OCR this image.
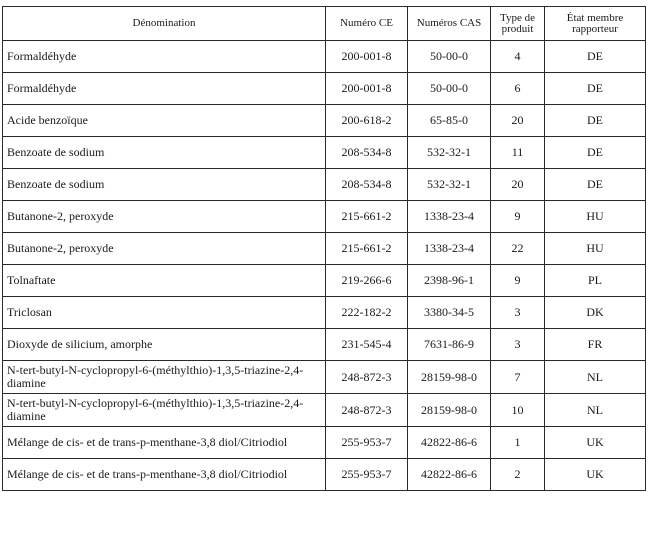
Dénomination	Numéro CE	Numéros CAS	Type de produit	État membre rapporteur
Formaldéhyde	200-001-8	50-00-0	4	DE
Formaldéhyde	200-001-8	50-00-0	6	DE
Acide benzoïque	200-618-2	65-85-0	20	DE
Benzoate de sodium	208-534-8	532-32-1	11	DE
Benzoate de sodium	208-534-8	532-32-1	20	DE
Butanone-2, peroxyde	215-661-2	1338-23-4	9	HU
Butanone-2, peroxyde	215-661-2	1338-23-4	22	HU
Tolnaftate	219-266-6	2398-96-1	9	PL
Triclosan	222-182-2	3380-34-5	3	DK
Dioxyde de silicium, amorphe	231-545-4	7631-86-9	3	FR
N-tert-butyl-N-cyclopropyl-6-(méthylthio)-1,3,5-triazine-2,4-diamine	248-872-3	28159-98-0	7	NL
N-tert-butyl-N-cyclopropyl-6-(méthylthio)-1,3,5-triazine-2,4-diamine	248-872-3	28159-98-0	10	NL
Mélange de cis- et de trans-p-menthane-3,8 diol/Citriodiol	255-953-7	42822-86-6	1	UK
Mélange de cis- et de trans-p-menthane-3,8 diol/Citriodiol	255-953-7	42822-86-6	2	UK
